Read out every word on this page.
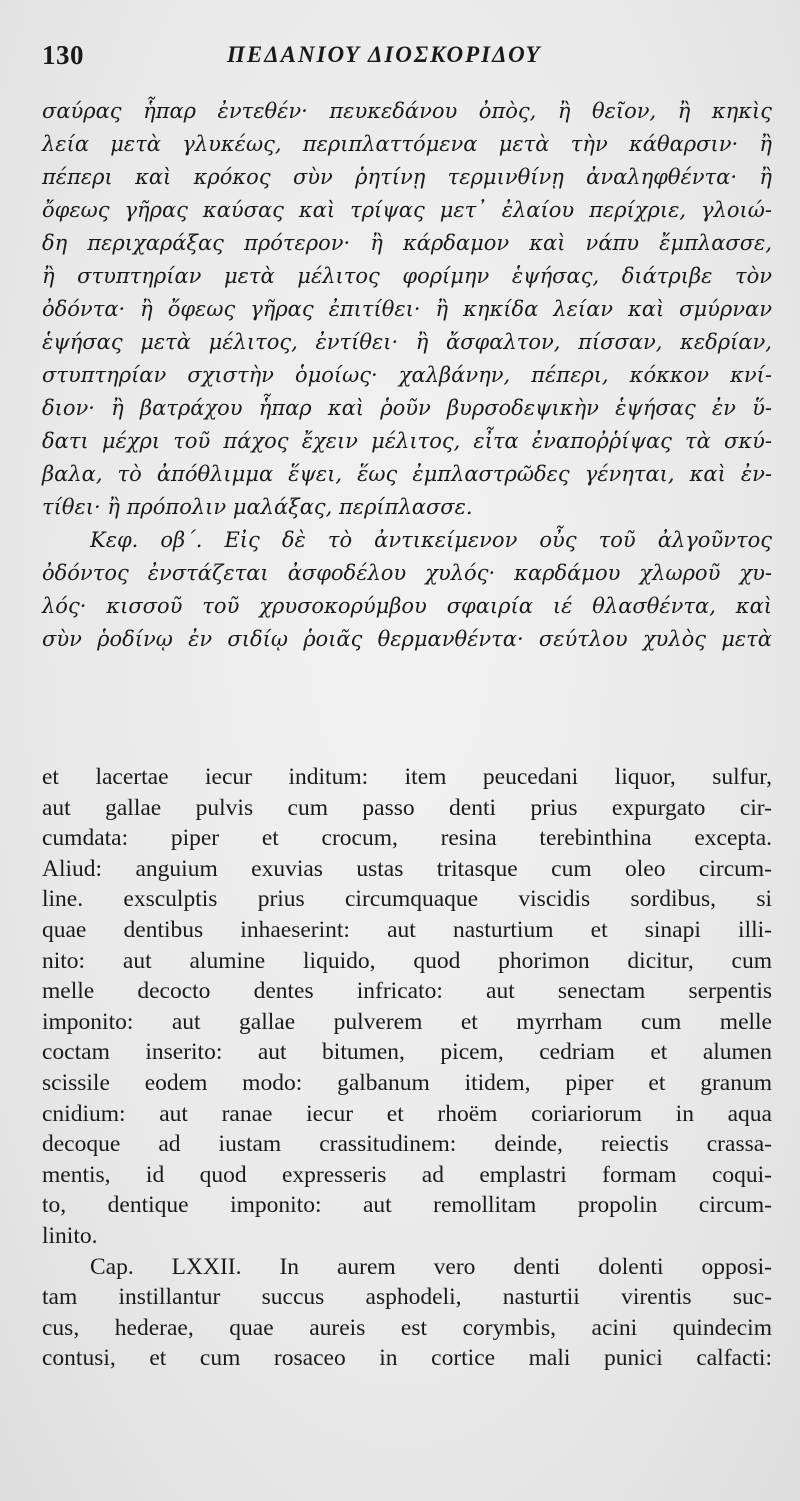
130	ΠΕΔΑΝΙΟΥ ΔΙΟΣΚΟΡΙΔΟΥ
σαύρας ἧπαρ ἐντεθέν· πευκεδάνου ὀπὸς, ἢ θεῖον, ἢ κηκὶς
λεία μετὰ γλυκέως, περιπλαττόμενα μετὰ τὴν κάθαρσιν· ἢ
πέπερι καὶ κρόκος σὺν ῥητίνῃ τερμινθίνῃ ἀναληφθέντα· ἢ
ὄφεως γῆρας καύσας καὶ τρίψας μετ᾽ ἐλαίου περίχριε, γλοιώ-
δη περιχαράξας πρότερον· ἢ κάρδαμον καὶ νάπυ ἔμπλασσε,
ἢ στυπτηρίαν μετὰ μέλιτος φορίμην ἑψήσας, διάτριβε τὸν
ὀδόντα· ἢ ὄφεως γῆρας ἐπιτίθει· ἢ κηκίδα λείαν καὶ σμύρναν
ἑψήσας μετὰ μέλιτος, ἐντίθει· ἢ ἄσφαλτον, πίσσαν, κεδρίαν,
στυπτηρίαν σχιστὴν ὁμοίως· χαλβάνην, πέπερι, κόκκον κνί-
διον· ἢ βατράχου ἧπαρ καὶ ῥοῦν βυρσοδεψικὴν ἑψήσας ἐν ὕ-
δατι μέχρι τοῦ πάχος ἔχειν μέλιτος, εἶτα ἐναποῤῥίψας τὰ σκύ-
βαλα, τὸ ἀπόθλιμμα ἕψει, ἕως ἐμπλαστρῶδες γένηται, καὶ ἐν-
τίθει· ἢ πρόπολιν μαλάξας, περίπλασσε.
Κεφ. οβ΄. Εἰς δὲ τὸ ἀντικείμενον οὖς τοῦ ἀλγοῦντος
ὀδόντος ἐνστάζεται ἀσφοδέλου χυλός· καρδάμου χλωροῦ χυ-
λός· κισσοῦ τοῦ χρυσοκορύμβου σφαιρία ιέ θλασθέντα, καὶ
σὺν ῥοδίνῳ ἐν σιδίῳ ῥοιᾶς θερμανθέντα· σεύτλου χυλὸς μετὰ
et lacertae iecur inditum: item peucedani liquor, sulfur,
aut gallae pulvis cum passo denti prius expurgato cir-
cumdata: piper et crocum, resina terebinthina excepta.
Aliud: anguium exuvias ustas tritasque cum oleo circum-
line. exsculptis prius circumquaque viscidis sordibus, si
quae dentibus inhaeserint: aut nasturtium et sinapi illi-
nito: aut alumine liquido, quod phorimon dicitur, cum
melle decocto dentes infricato: aut senectam serpentis
imponito: aut gallae pulverem et myrrham cum melle
coctam inserito: aut bitumen, picem, cedriam et alumen
scissile eodem modo: galbanum itidem, piper et granum
cnidium: aut ranae iecur et rhoëm coriariorum in aqua
decoque ad iustam crassitudinem: deinde, reiectis crassa-
mentis, id quod expresseris ad emplastri formam coqui-
to, dentique imponito: aut remollitam propolin circum-
linito.
Cap. LXXII. In aurem vero denti dolenti opposi-
tam instillantur succus asphodeli, nasturtii virentis suc-
cus, hederae, quae aureis est corymbis, acini quindecim
contusi, et cum rosaceo in cortice mali punici calfacti:
